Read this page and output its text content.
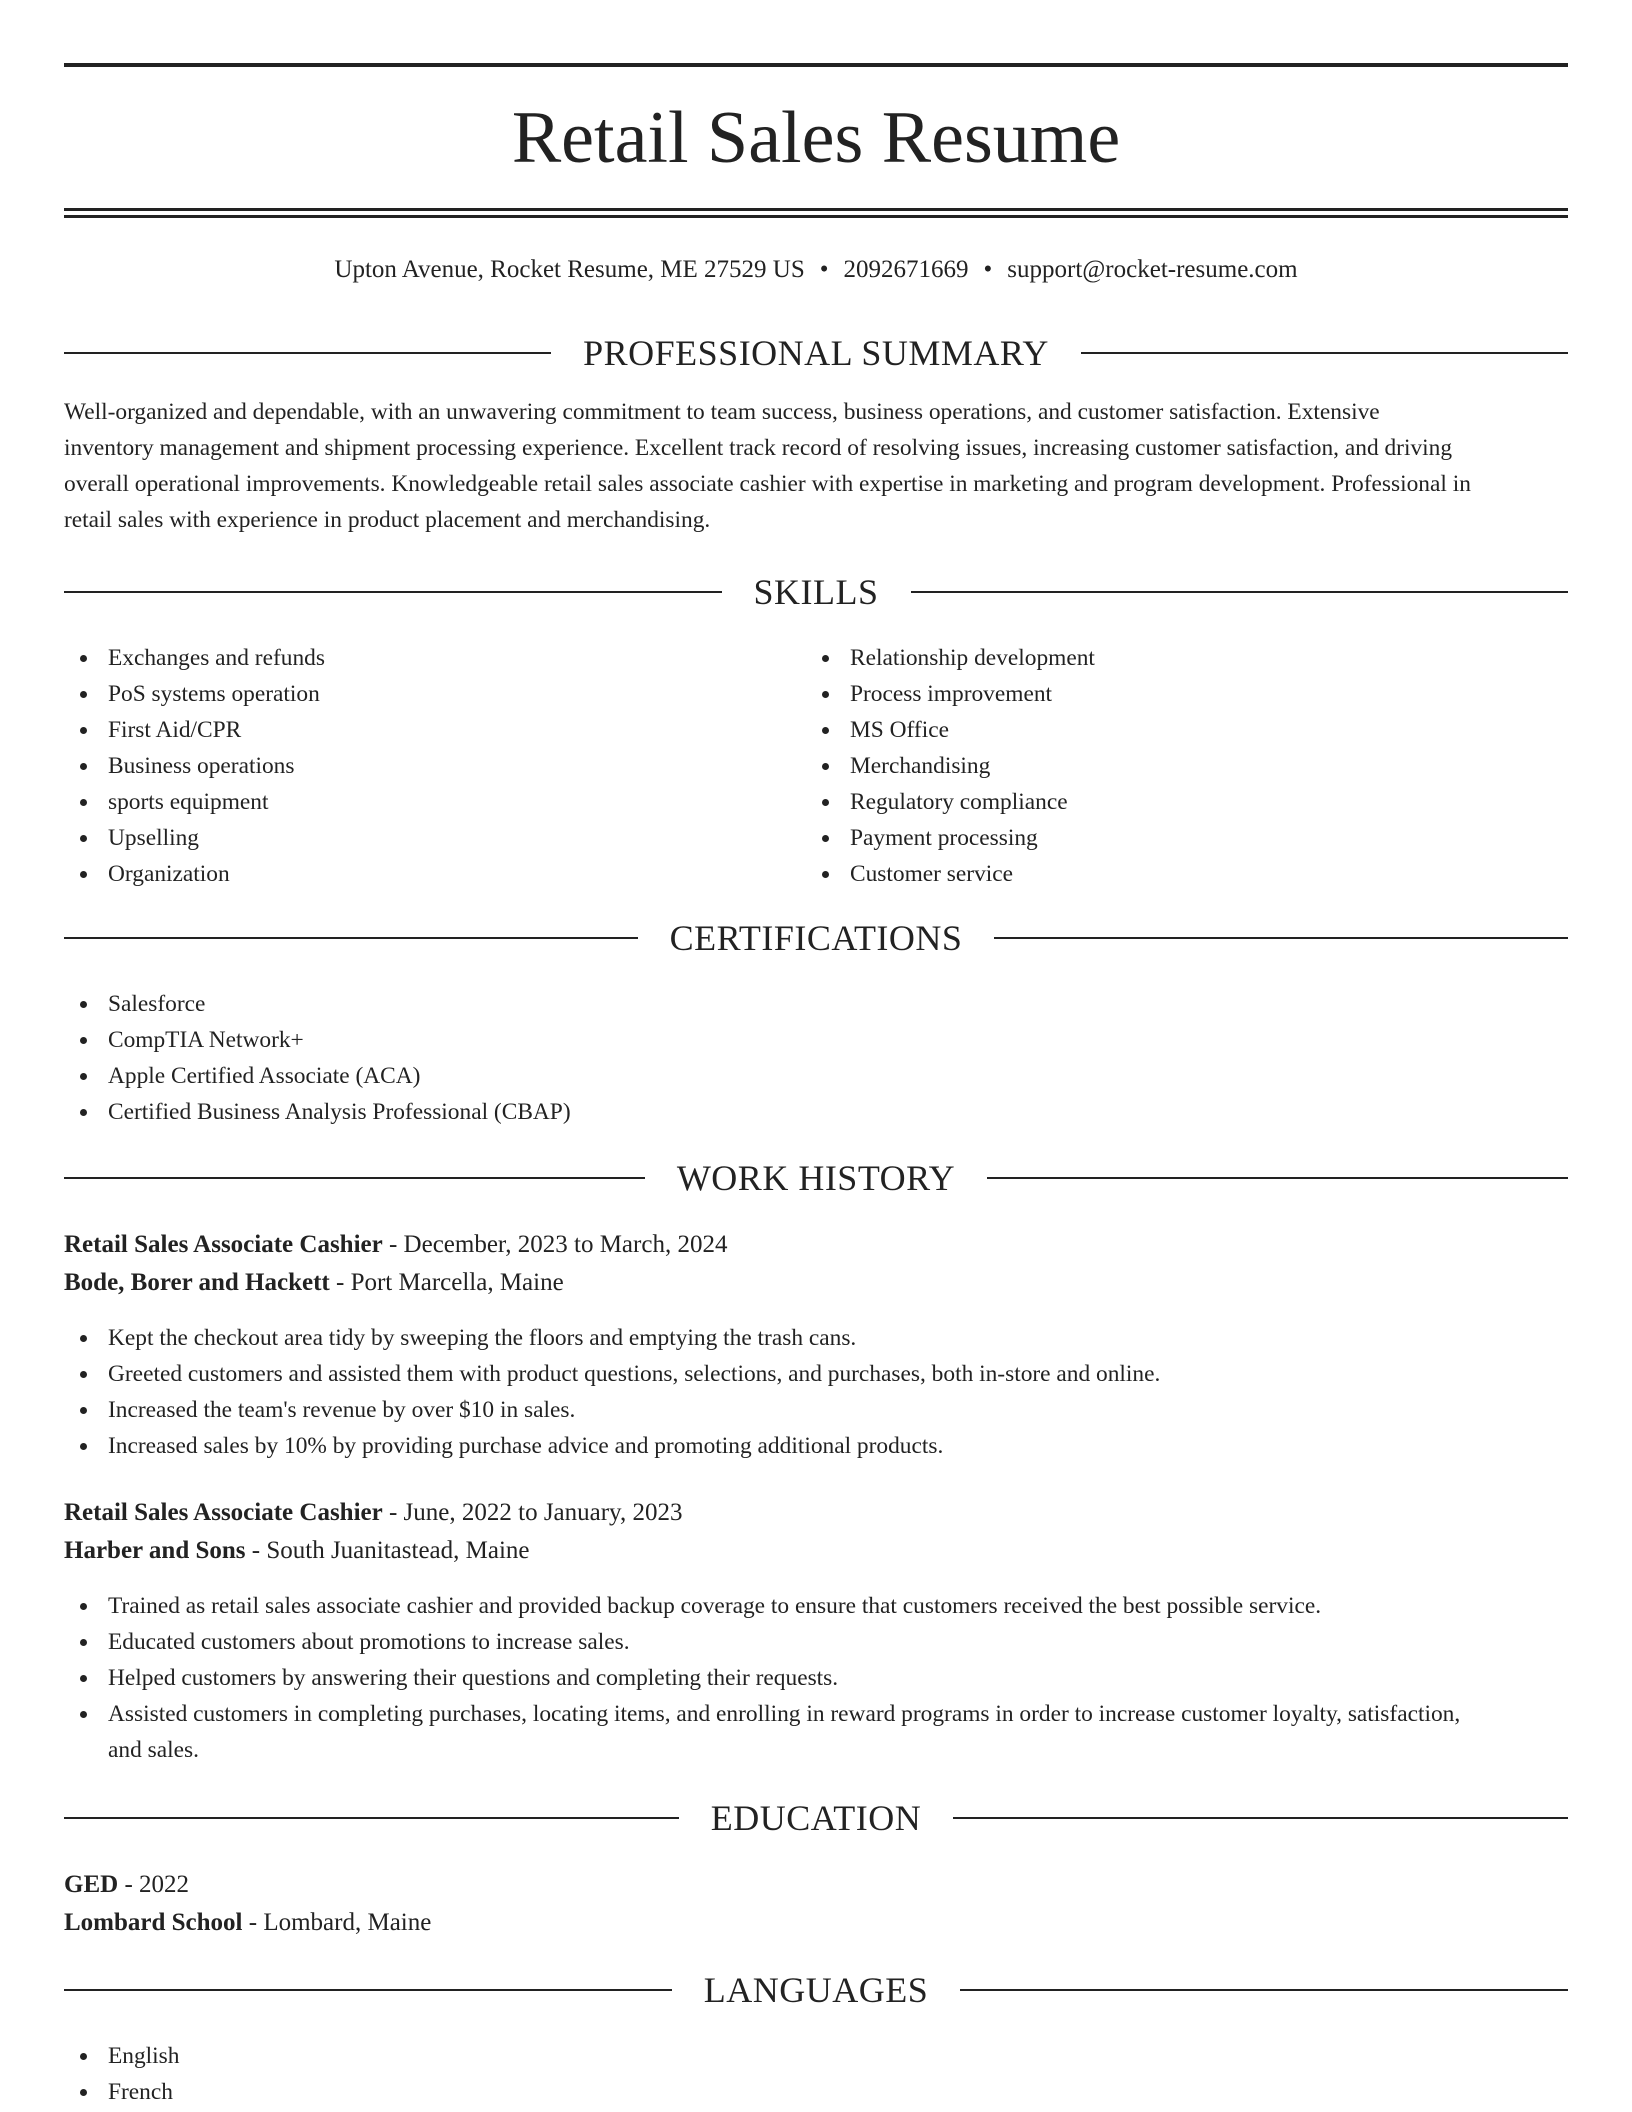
Retail Sales Resume
Upton Avenue, Rocket Resume, ME 27529 US • 2092671669 • support@rocket-resume.com
PROFESSIONAL SUMMARY
Well-organized and dependable, with an unwavering commitment to team success, business operations, and customer satisfaction. Extensive
inventory management and shipment processing experience. Excellent track record of resolving issues, increasing customer satisfaction, and driving
overall operational improvements. Knowledgeable retail sales associate cashier with expertise in marketing and program development. Professional in
retail sales with experience in product placement and merchandising.
SKILLS
Exchanges and refunds
PoS systems operation
First Aid/CPR
Business operations
sports equipment
Upselling
Organization
Relationship development
Process improvement
MS Office
Merchandising
Regulatory compliance
Payment processing
Customer service
CERTIFICATIONS
Salesforce
CompTIA Network+
Apple Certified Associate (ACA)
Certified Business Analysis Professional (CBAP)
WORK HISTORY
Retail Sales Associate Cashier - December, 2023 to March, 2024
Bode, Borer and Hackett - Port Marcella, Maine
Kept the checkout area tidy by sweeping the floors and emptying the trash cans.
Greeted customers and assisted them with product questions, selections, and purchases, both in-store and online.
Increased the team's revenue by over $10 in sales.
Increased sales by 10% by providing purchase advice and promoting additional products.
Retail Sales Associate Cashier - June, 2022 to January, 2023
Harber and Sons - South Juanitastead, Maine
Trained as retail sales associate cashier and provided backup coverage to ensure that customers received the best possible service.
Educated customers about promotions to increase sales.
Helped customers by answering their questions and completing their requests.
Assisted customers in completing purchases, locating items, and enrolling in reward programs in order to increase customer loyalty, satisfaction,
and sales.
EDUCATION
GED - 2022
Lombard School - Lombard, Maine
LANGUAGES
English
French
